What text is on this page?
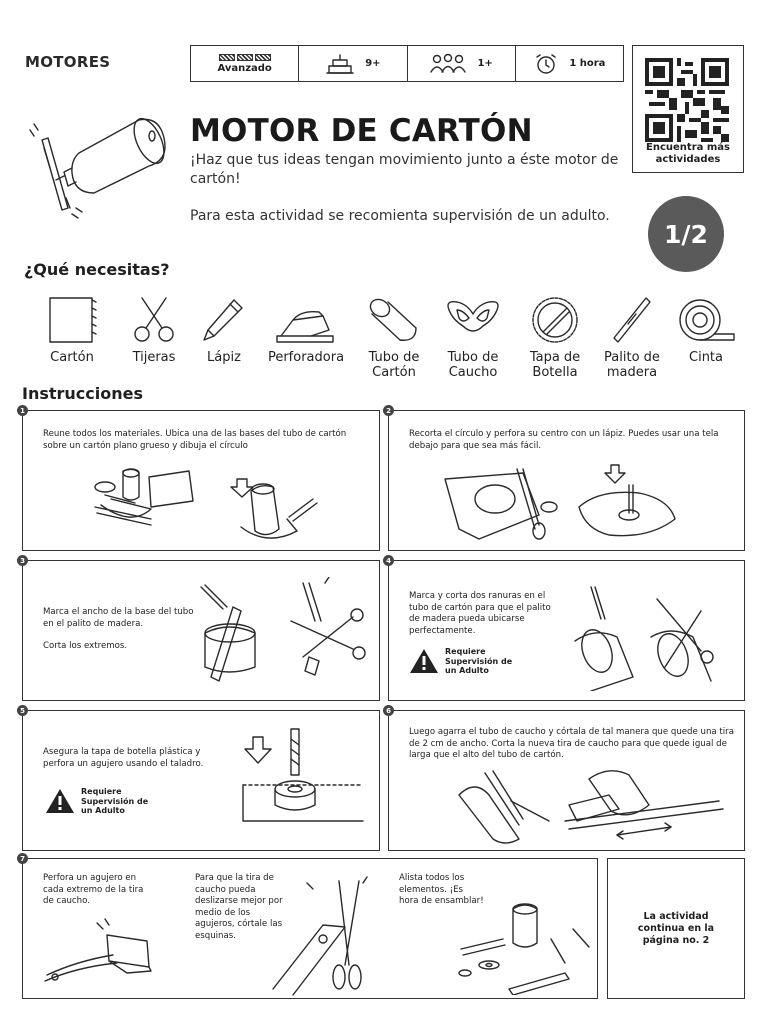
MOTORES	Avanzado	9+	1+	1 hora
Encuentra más actividades
MOTOR DE CARTÓN
¡Haz que tus ideas tengan movimiento junto a éste motor de cartón!
Para esta actividad se recomienta supervisión de un adulto.
1/2
¿Qué necesitas?
Cartón	Tijeras	Lápiz	Perforadora	Tubo de Cartón
Tubo de Caucho
Tapa de Botella
Palito de madera
Cinta
Instrucciones
1
Reune todos los materiales. Ubica una de las bases del tubo de cartón sobre un cartón plano grueso y dibuja el círculo
2
Recorta el círculo y perfora su centro con un lápiz. Puedes usar una tela debajo para que sea más fácil.
3
Marca el ancho de la base del tubo en el palito de madera.
Corta los extremos.
4
Marca y corta dos ranuras en el tubo de cartón para que el palito de madera pueda ubicarse perfectamente.
Requiere Supervisión de un Adulto
5
Asegura la tapa de botella plástica y perfora un agujero usando el taladro.
Requiere Supervisión de un Adulto
6
Luego agarra el tubo de caucho y córtala de tal manera que quede una tira de 2 cm de ancho. Corta la nueva tira de caucho para que quede igual de larga que el alto del tubo de cartón.
7
Perfora un agujero en cada extremo de la tira de caucho.
Para que la tira de caucho pueda deslizarse mejor por medio de los agujeros, córtale las esquinas.
Alista todos los elementos. ¡Es hora de ensamblar!
La actividad continua en la página no. 2
